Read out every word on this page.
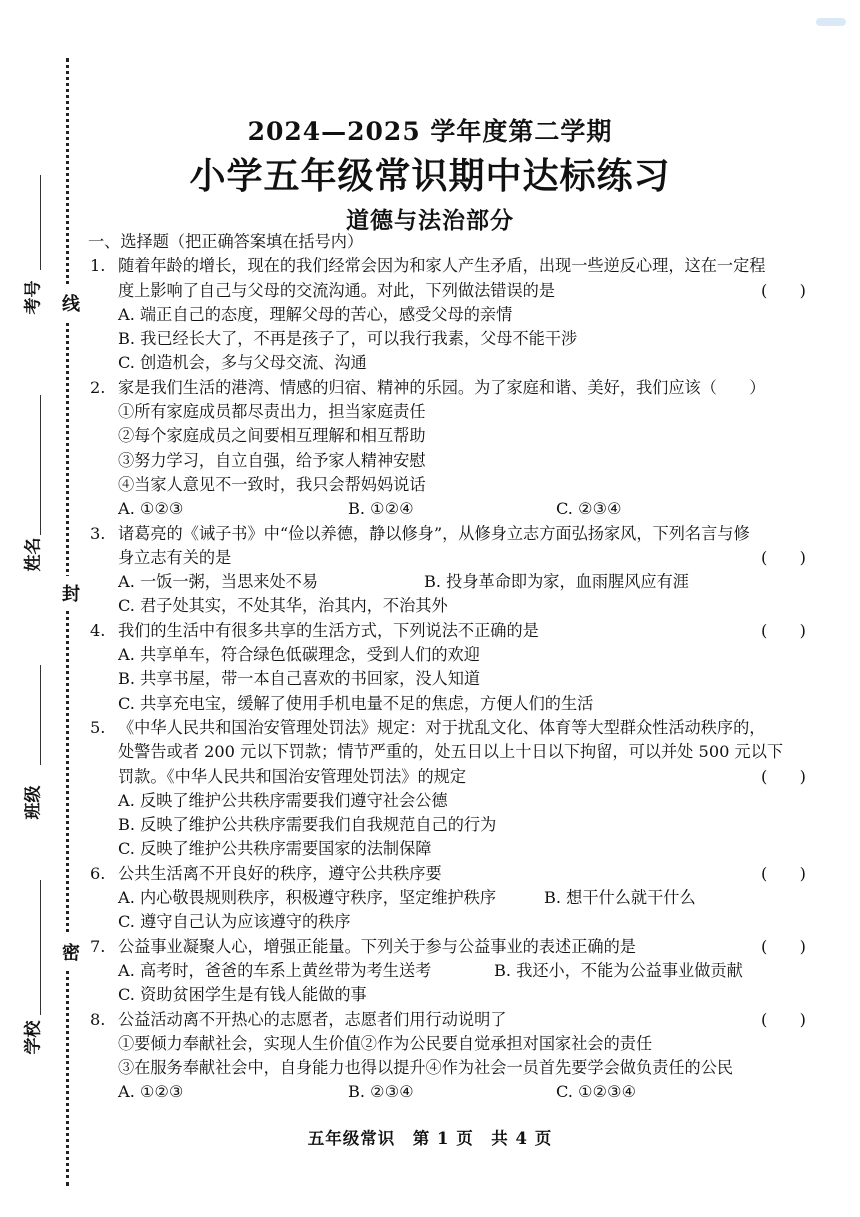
线
封
密
考号
姓名
班级
学校
2024—2025 学年度第二学期
小学五年级常识期中达标练习
道德与法治部分
一、选择题（把正确答案填在括号内）
1. 随着年龄的增长，现在的我们经常会因为和家人产生矛盾，出现一些逆反心理，这在一定程
度上影响了自己与父母的交流沟通。对此，下列做法错误的是	(　　)
A. 端正自己的态度，理解父母的苦心，感受父母的亲情
B. 我已经长大了，不再是孩子了，可以我行我素，父母不能干涉
C. 创造机会，多与父母交流、沟通
2. 家是我们生活的港湾、情感的归宿、精神的乐园。为了家庭和谐、美好，我们应该（　　）
①所有家庭成员都尽责出力，担当家庭责任
②每个家庭成员之间要相互理解和相互帮助
③努力学习，自立自强，给予家人精神安慰
④当家人意见不一致时，我只会帮妈妈说话
A. ①②③	B. ①②④	C. ②③④
3. 诸葛亮的《诫子书》中“俭以养德，静以修身”，从修身立志方面弘扬家风，下列名言与修
身立志有关的是	(　　)
A. 一饭一粥，当思来处不易	B. 投身革命即为家，血雨腥风应有涯
C. 君子处其实，不处其华，治其内，不治其外
4. 我们的生活中有很多共享的生活方式，下列说法不正确的是	(　　)
A. 共享单车，符合绿色低碳理念，受到人们的欢迎
B. 共享书屋，带一本自己喜欢的书回家，没人知道
C. 共享充电宝，缓解了使用手机电量不足的焦虑，方便人们的生活
5. 《中华人民共和国治安管理处罚法》规定：对于扰乱文化、体育等大型群众性活动秩序的，
处警告或者 200 元以下罚款；情节严重的，处五日以上十日以下拘留，可以并处 500 元以下
罚款。《中华人民共和国治安管理处罚法》的规定	(　　)
A. 反映了维护公共秩序需要我们遵守社会公德
B. 反映了维护公共秩序需要我们自我规范自己的行为
C. 反映了维护公共秩序需要国家的法制保障
6. 公共生活离不开良好的秩序，遵守公共秩序要	(　　)
A. 内心敬畏规则秩序，积极遵守秩序，坚定维护秩序	B. 想干什么就干什么
C. 遵守自己认为应该遵守的秩序
7. 公益事业凝聚人心，增强正能量。下列关于参与公益事业的表述正确的是	(　　)
A. 高考时，爸爸的车系上黄丝带为考生送考	B. 我还小，不能为公益事业做贡献
C. 资助贫困学生是有钱人能做的事
8. 公益活动离不开热心的志愿者，志愿者们用行动说明了	(　　)
①要倾力奉献社会，实现人生价值②作为公民要自觉承担对国家社会的责任
③在服务奉献社会中，自身能力也得以提升④作为社会一员首先要学会做负责任的公民
A. ①②③	B. ②③④	C. ①②③④
五年级常识　第 1 页　共 4 页
